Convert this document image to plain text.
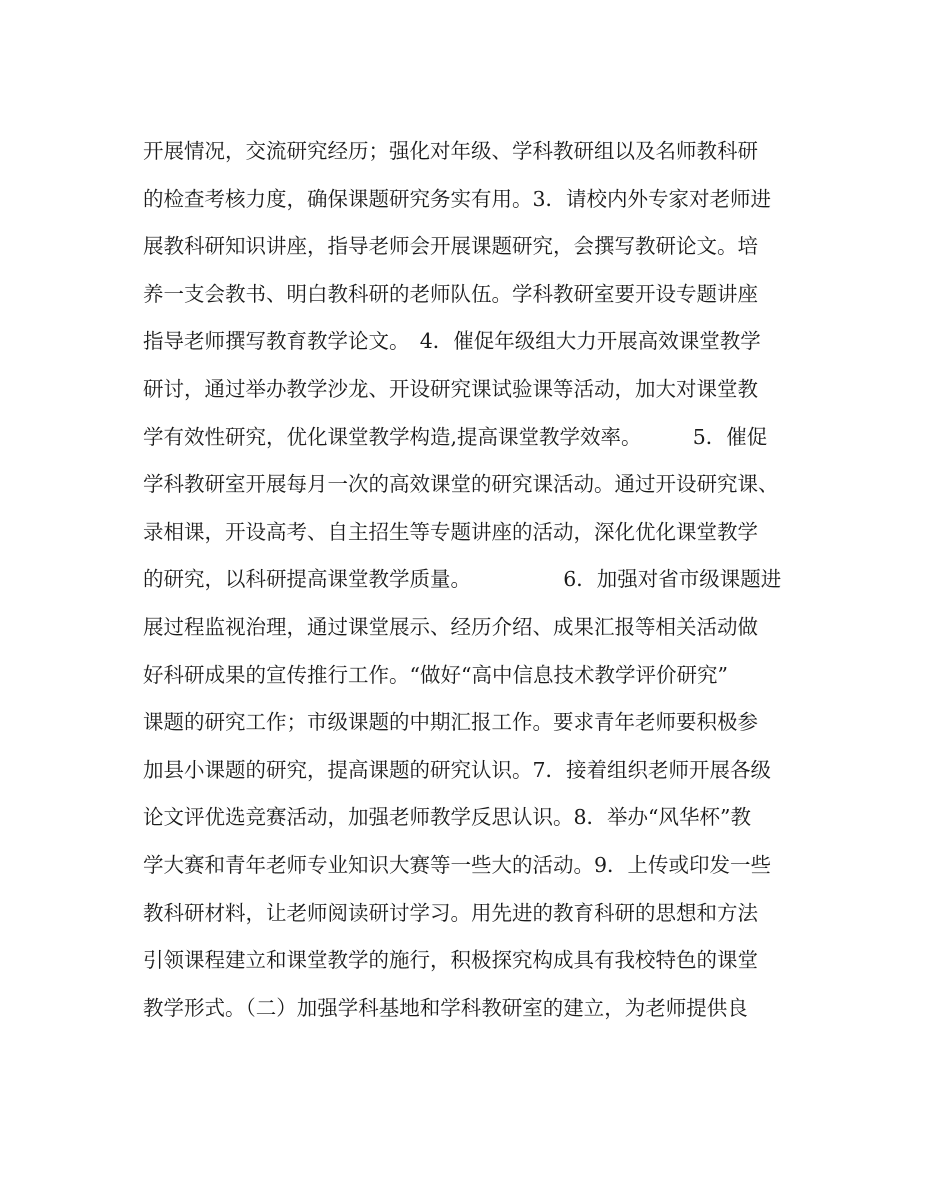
开展情况，交流研究经历；强化对年级、学科教研组以及名师教科研
的检查考核力度，确保课题研究务实有用。3．请校内外专家对老师进
展教科研知识讲座，指导老师会开展课题研究，会撰写教研论文。培
养一支会教书、明白教科研的老师队伍。学科教研室要开设专题讲座
指导老师撰写教育教学论文。　4．催促年级组大力开展高效课堂教学
研讨，通过举办教学沙龙、开设研究课试验课等活动，加大对课堂教
学有效性研究，优化课堂教学构造,提高课堂教学效率。　　　5．催促
学科教研室开展每月一次的高效课堂的研究课活动。通过开设研究课、
录相课，开设高考、自主招生等专题讲座的活动，深化优化课堂教学
的研究，以科研提高课堂教学质量。　　　　　6．加强对省市级课题进
展过程监视治理，通过课堂展示、经历介绍、成果汇报等相关活动做
好科研成果的宣传推行工作。“做好“高中信息技术教学评价研究”
课题的研究工作；市级课题的中期汇报工作。要求青年老师要积极参
加县小课题的研究，提高课题的研究认识。7．接着组织老师开展各级
论文评优选竞赛活动，加强老师教学反思认识。8．举办“风华杯”教
学大赛和青年老师专业知识大赛等一些大的活动。9．上传或印发一些
教科研材料，让老师阅读研讨学习。用先进的教育科研的思想和方法
引领课程建立和课堂教学的施行，积极探究构成具有我校特色的课堂
教学形式。（二）加强学科基地和学科教研室的建立，为老师提供良
